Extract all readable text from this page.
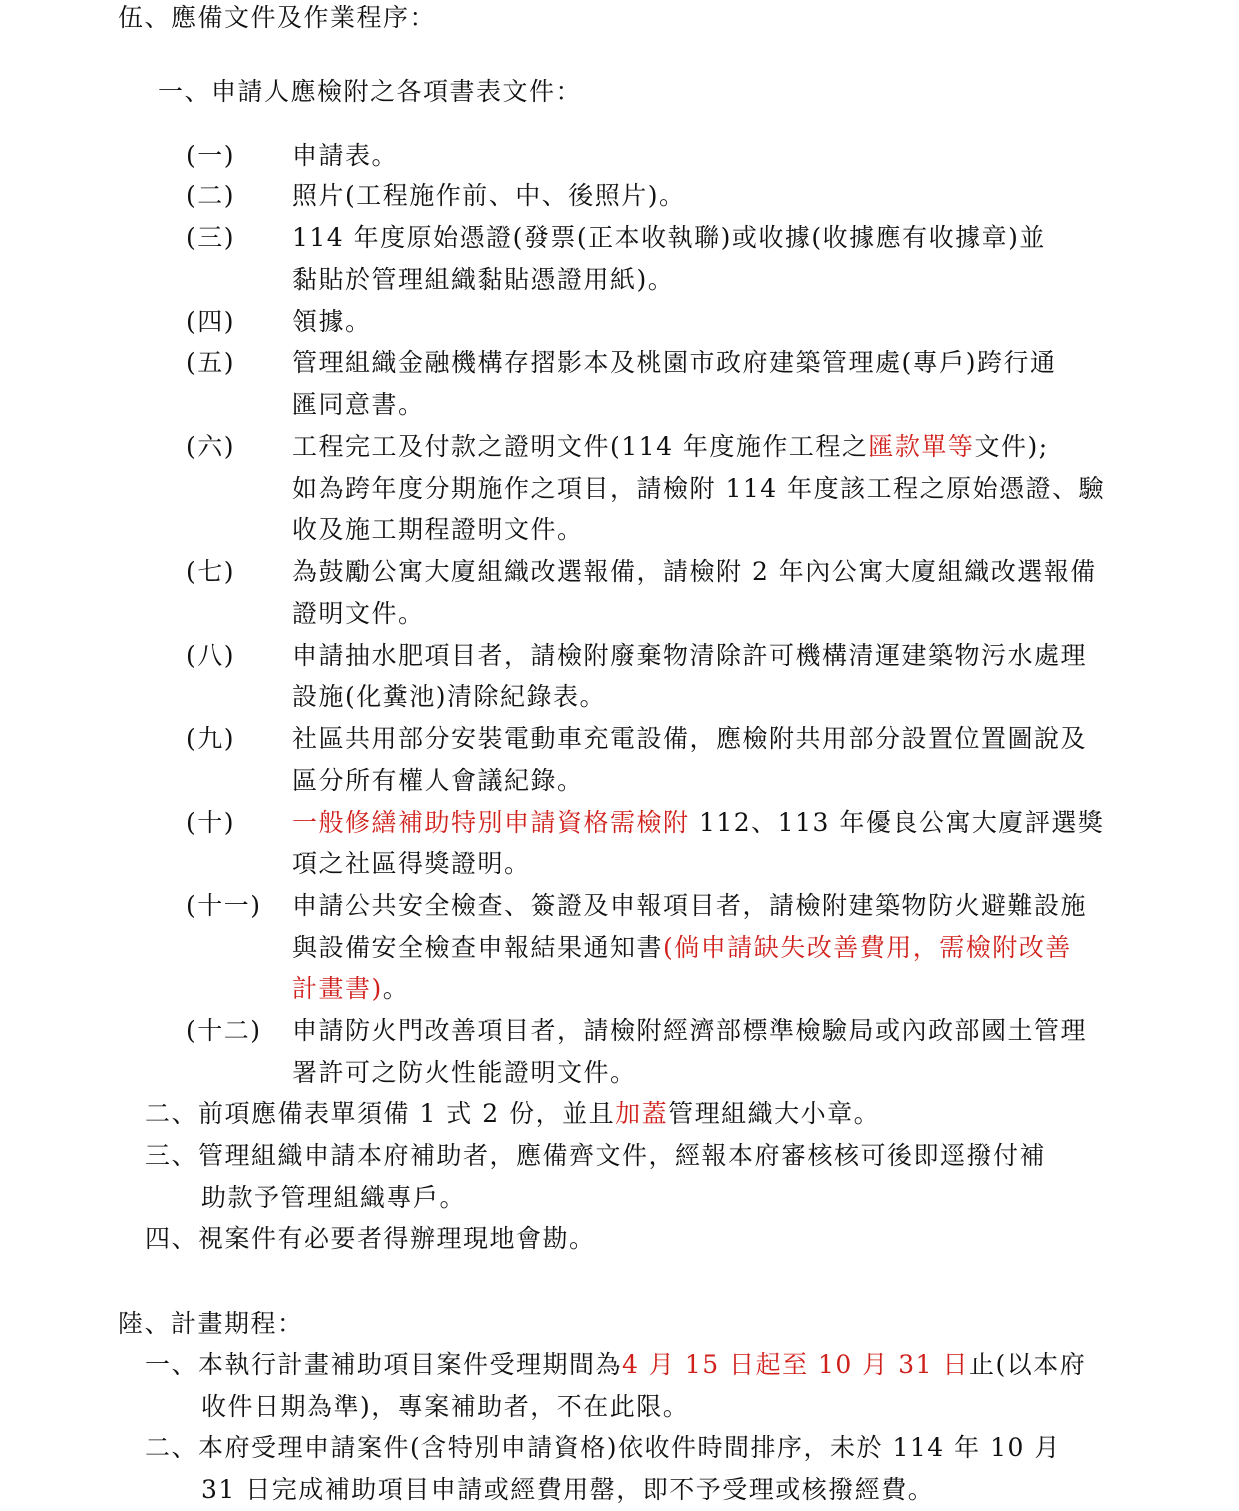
伍、應備文件及作業程序：
一、申請人應檢附之各項書表文件：
(一) 申請表。
(二) 照片(工程施作前、中、後照片)。
(三) 114 年度原始憑證(發票(正本收執聯)或收據(收據應有收據章)並
黏貼於管理組織黏貼憑證用紙)。
(四) 領據。
(五) 管理組織金融機構存摺影本及桃園市政府建築管理處(專戶)跨行通
匯同意書。
(六) 工程完工及付款之證明文件(114 年度施作工程之匯款單等文件);
如為跨年度分期施作之項目，請檢附 114 年度該工程之原始憑證、驗
收及施工期程證明文件。
(七) 為鼓勵公寓大廈組織改選報備，請檢附 2 年內公寓大廈組織改選報備
證明文件。
(八) 申請抽水肥項目者，請檢附廢棄物清除許可機構清運建築物污水處理
設施(化糞池)清除紀錄表。
(九) 社區共用部分安裝電動車充電設備，應檢附共用部分設置位置圖說及
區分所有權人會議紀錄。
(十) 一般修繕補助特別申請資格需檢附 112、113 年優良公寓大廈評選獎
項之社區得獎證明。
(十一) 申請公共安全檢查、簽證及申報項目者，請檢附建築物防火避難設施
與設備安全檢查申報結果通知書(倘申請缺失改善費用，需檢附改善
計畫書)。
(十二) 申請防火門改善項目者，請檢附經濟部標準檢驗局或內政部國土管理
署許可之防火性能證明文件。
二、前項應備表單須備 1 式 2 份，並且加蓋管理組織大小章。
三、管理組織申請本府補助者，應備齊文件，經報本府審核核可後即逕撥付補
助款予管理組織專戶。
四、視案件有必要者得辦理現地會勘。
陸、計畫期程：
一、本執行計畫補助項目案件受理期間為4 月 15 日起至 10 月 31 日止(以本府
收件日期為準)，專案補助者，不在此限。
二、本府受理申請案件(含特別申請資格)依收件時間排序，未於 114 年 10 月
31 日完成補助項目申請或經費用罄，即不予受理或核撥經費。
